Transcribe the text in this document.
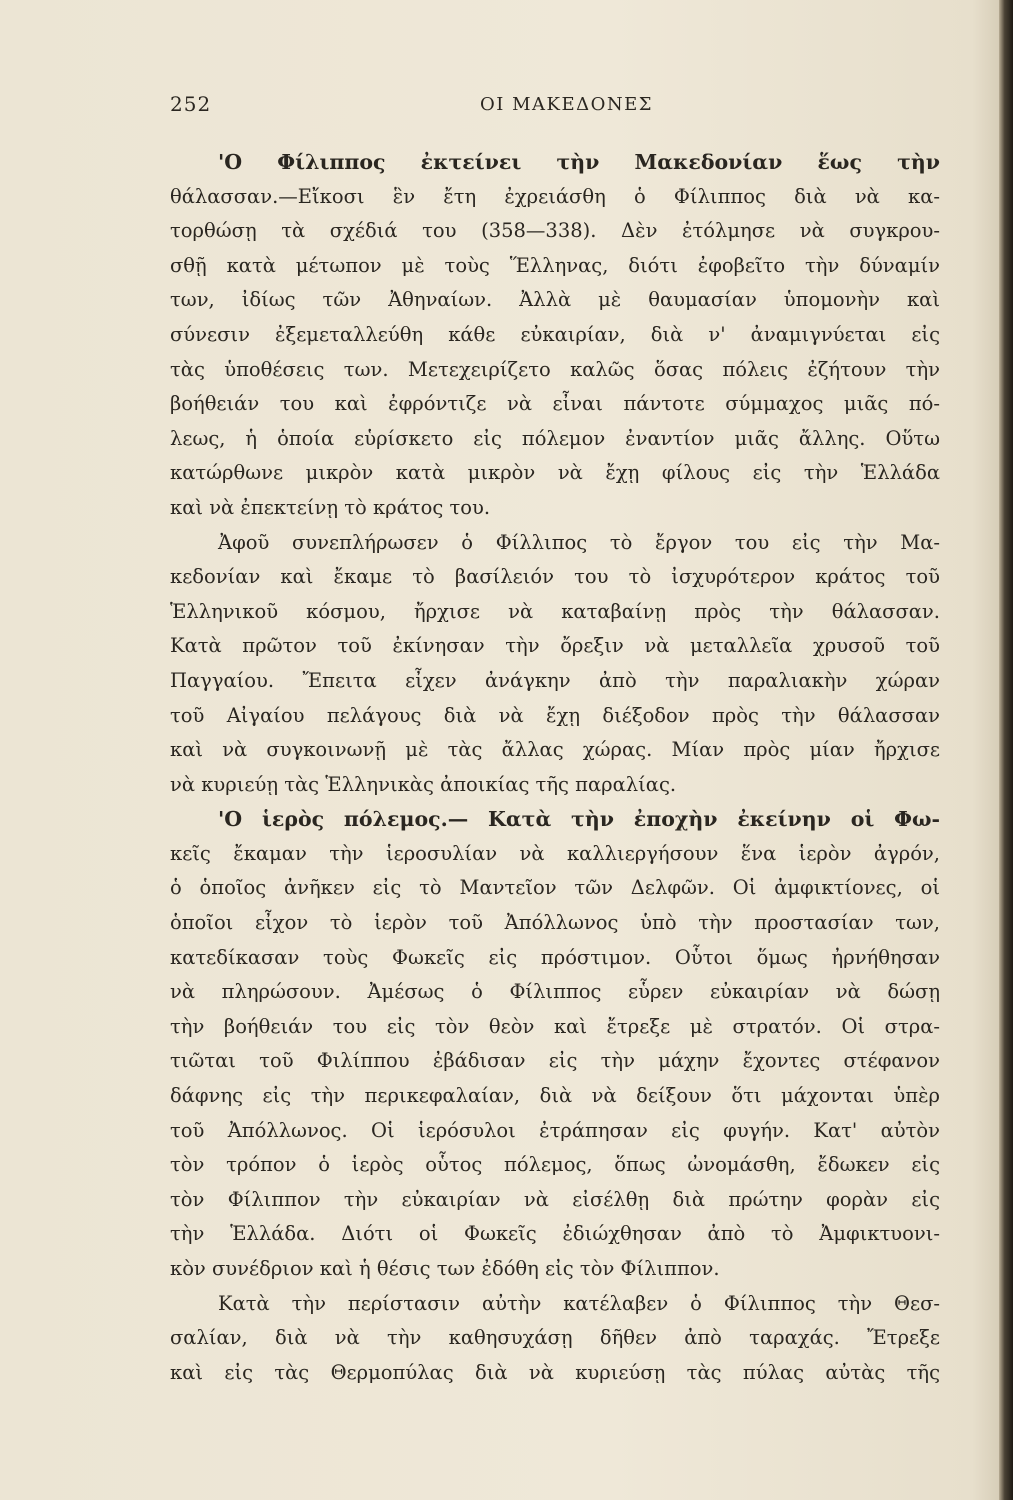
252	ΟΙ ΜΑΚΕΔΟΝΕΣ
'Ο Φίλιππος ἐκτείνει τὴν Μακεδονίαν ἕως τὴν
θάλασσαν.—Εἴκοσι ἓν ἔτη ἐχρειάσθη ὁ Φίλιππος διὰ νὰ κα-
τορθώσῃ τὰ σχέδιά του (358—338). Δὲν ἐτόλμησε νὰ συγκρου-
σθῇ κατὰ μέτωπον μὲ τοὺς Ἕλληνας, διότι ἐφοβεῖτο τὴν δύναμίν
των, ἰδίως τῶν Ἀθηναίων. Ἀλλὰ μὲ θαυμασίαν ὑπομονὴν καὶ
σύνεσιν ἐξεμεταλλεύθη κάθε εὐκαιρίαν, διὰ ν' ἀναμιγνύεται εἰς
τὰς ὑποθέσεις των. Μετεχειρίζετο καλῶς ὅσας πόλεις ἐζήτουν τὴν
βοήθειάν του καὶ ἐφρόντιζε νὰ εἶναι πάντοτε σύμμαχος μιᾶς πό-
λεως, ἡ ὁποία εὑρίσκετο εἰς πόλεμον ἐναντίον μιᾶς ἄλλης. Οὕτω
κατώρθωνε μικρὸν κατὰ μικρὸν νὰ ἔχῃ φίλους εἰς τὴν Ἑλλάδα
καὶ νὰ ἐπεκτείνῃ τὸ κράτος του.
Ἀφοῦ συνεπλήρωσεν ὁ Φίλλιπος τὸ ἔργον του εἰς τὴν Μα-
κεδονίαν καὶ ἔκαμε τὸ βασίλειόν του τὸ ἰσχυρότερον κράτος τοῦ
Ἑλληνικοῦ κόσμου, ἤρχισε νὰ καταβαίνῃ πρὸς τὴν θάλασσαν.
Κατὰ πρῶτον τοῦ ἐκίνησαν τὴν ὄρεξιν νὰ μεταλλεῖα χρυσοῦ τοῦ
Παγγαίου. Ἔπειτα εἶχεν ἀνάγκην ἀπὸ τὴν παραλιακὴν χώραν
τοῦ Αἰγαίου πελάγους διὰ νὰ ἔχῃ διέξοδον πρὸς τὴν θάλασσαν
καὶ νὰ συγκοινωνῇ μὲ τὰς ἄλλας χώρας. Μίαν πρὸς μίαν ἤρχισε
νὰ κυριεύῃ τὰς Ἑλληνικὰς ἀποικίας τῆς παραλίας.
'Ο ἱερὸς πόλεμος.— Κατὰ τὴν ἐποχὴν ἐκείνην οἱ Φω-
κεῖς ἔκαμαν τὴν ἱεροσυλίαν νὰ καλλιεργήσουν ἕνα ἱερὸν ἀγρόν,
ὁ ὁποῖος ἀνῆκεν εἰς τὸ Μαντεῖον τῶν Δελφῶν. Οἱ ἀμφικτίονες, οἱ
ὁποῖοι εἶχον τὸ ἱερὸν τοῦ Ἀπόλλωνος ὑπὸ τὴν προστασίαν των,
κατεδίκασαν τοὺς Φωκεῖς εἰς πρόστιμον. Οὗτοι ὅμως ἠρνήθησαν
νὰ πληρώσουν. Ἀμέσως ὁ Φίλιππος εὗρεν εὐκαιρίαν νὰ δώσῃ
τὴν βοήθειάν του εἰς τὸν θεὸν καὶ ἔτρεξε μὲ στρατόν. Οἱ στρα-
τιῶται τοῦ Φιλίππου ἐβάδισαν εἰς τὴν μάχην ἔχοντες στέφανον
δάφνης εἰς τὴν περικεφαλαίαν, διὰ νὰ δείξουν ὅτι μάχονται ὑπὲρ
τοῦ Ἀπόλλωνος. Οἱ ἱερόσυλοι ἐτράπησαν εἰς φυγήν. Κατ' αὐτὸν
τὸν τρόπον ὁ ἱερὸς οὗτος πόλεμος, ὅπως ὠνομάσθη, ἔδωκεν εἰς
τὸν Φίλιππον τὴν εὐκαιρίαν νὰ εἰσέλθῃ διὰ πρώτην φορὰν εἰς
τὴν Ἑλλάδα. Διότι οἱ Φωκεῖς ἐδιώχθησαν ἀπὸ τὸ Ἀμφικτυονι-
κὸν συνέδριον καὶ ἡ θέσις των ἐδόθη εἰς τὸν Φίλιππον.
Κατὰ τὴν περίστασιν αὐτὴν κατέλαβεν ὁ Φίλιππος τὴν Θεσ-
σαλίαν, διὰ νὰ τὴν καθησυχάσῃ δῆθεν ἀπὸ ταραχάς. Ἔτρεξε
καὶ εἰς τὰς Θερμοπύλας διὰ νὰ κυριεύσῃ τὰς πύλας αὐτὰς τῆς
